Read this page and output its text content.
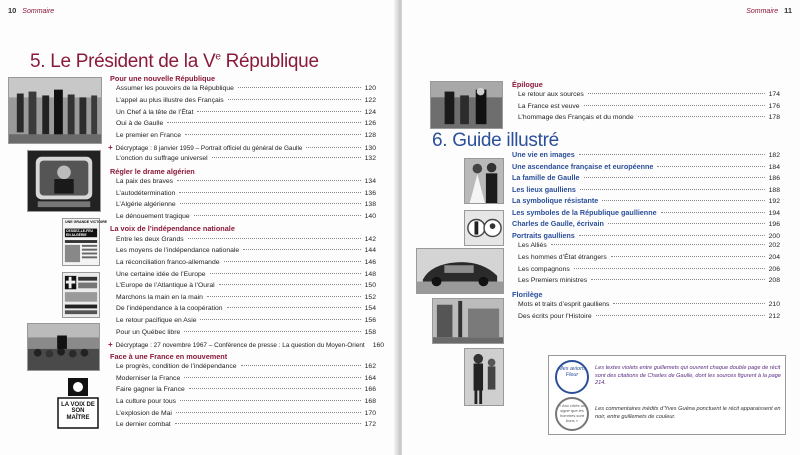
10 Sommaire
5. Le Président de la Ve République
UNE GRANDE VICTOIRE
CESSEZ-LE-FEU EN ALGÉRIE
LA VOIX DE SON MAÎTRE
Pour une nouvelle République
Assumer les pouvoirs de la République	120
L’appel au plus illustre des Français	122
Un Chef à la tête de l’État	124
Oui à de Gaulle	126
Le premier en France	128
+ Décryptage : 8 janvier 1959 – Portrait officiel du général de Gaulle	130
L’onction du suffrage universel	132
Régler le drame algérien
La paix des braves	134
L’autodétermination	136
L’Algérie algérienne	138
Le dénouement tragique	140
La voix de l’indépendance nationale
Entre les deux Grands	142
Les moyens de l’indépendance nationale	144
La réconciliation franco-allemande	146
Une certaine idée de l’Europe	148
L’Europe de l’Atlantique à l’Oural	150
Marchons la main en la main	152
De l’indépendance à la coopération	154
Le retour pacifique en Asie	156
Pour un Québec libre	158
+ Décryptage : 27 novembre 1967 – Conférence de presse : La question du Moyen-Orient 160
Face à une France en mouvement
Le progrès, condition de l’indépendance	162
Moderniser la France	164
Faire gagner la France	166
La culture pour tous	168
L’explosion de Mai	170
Le dernier combat	172
Sommaire 11
6. Guide illustré
Épilogue
Le retour aux sources	174
La France est veuve	176
L’hommage des Français et du monde	178
Une vie en images	182
Une ascendance française et européenne	184
La famille de Gaulle	186
Les lieux gaulliens	188
La symbolique résistante	192
Les symboles de la République gaullienne	194
Charles de Gaulle, écrivain	196
Portraits gaulliens	200
Les Alliés	202
Les hommes d’État étrangers	204
Les compagnons	206
Les Premiers ministres	208
Florilège
Mots et traits d’esprit gaulliens	210
Des écrits pour l’Histoire	212
Mes avions Fleur
Les textes violets entre guillemets qui ouvrent chaque double page de récit sont des citations de Charles de Gaulle, dont les sources figurent à la page 214.
« Aux côtés un signe que les hommes sont bons »
Les commentaires inédits d’Yves Guéna ponctuent le récit apparaissent en noir, entre guillemets de couleur.
